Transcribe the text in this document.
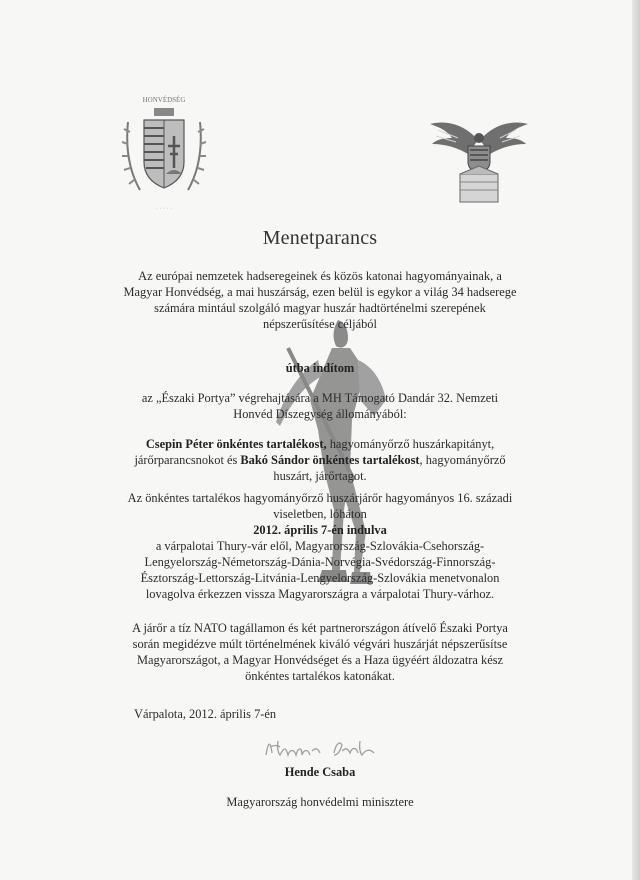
HONVÉDSÉG
· · · · ·
Menetparancs
Az európai nemzetek hadseregeinek és közös katonai hagyományainak, a
Magyar Honvédség, a mai huszárság, ezen belül is egykor a világ 34 hadserege
számára mintául szolgáló magyar huszár hadtörténelmi szerepének
népszerűsítése céljából
útba indítom
az „Északi Portya” végrehajtására a MH Támogató Dandár 32. Nemzeti
Honvéd Díszegység állományából:
Csepin Péter önkéntes tartalékost, hagyományőrző huszárkapitányt,
járőrparancsnokot és Bakó Sándor önkéntes tartalékost, hagyományőrző
huszárt, járőrtagot.
Az önkéntes tartalékos hagyományőrző huszárjárőr hagyományos 16. századi
viseletben, lóháton
2012. április 7-én indulva
a várpalotai Thury-vár elől, Magyarország-Szlovákia-Csehország-
Lengyelország-Németország-Dánia-Norvégia-Svédország-Finnország-
Észtország-Lettország-Litvánia-Lengyelország-Szlovákia menetvonalon
lovagolva érkezzen vissza Magyarországra a várpalotai Thury-várhoz.
A járőr a tíz NATO tagállamon és két partnerországon átívelő Északi Portya
során megidézve múlt történelmének kiváló végvári huszárját népszerűsítse
Magyarországot, a Magyar Honvédséget és a Haza ügyéért áldozatra kész
önkéntes tartalékos katonákat.
Várpalota, 2012. április 7-én
Hende Csaba
Magyarország honvédelmi minisztere
